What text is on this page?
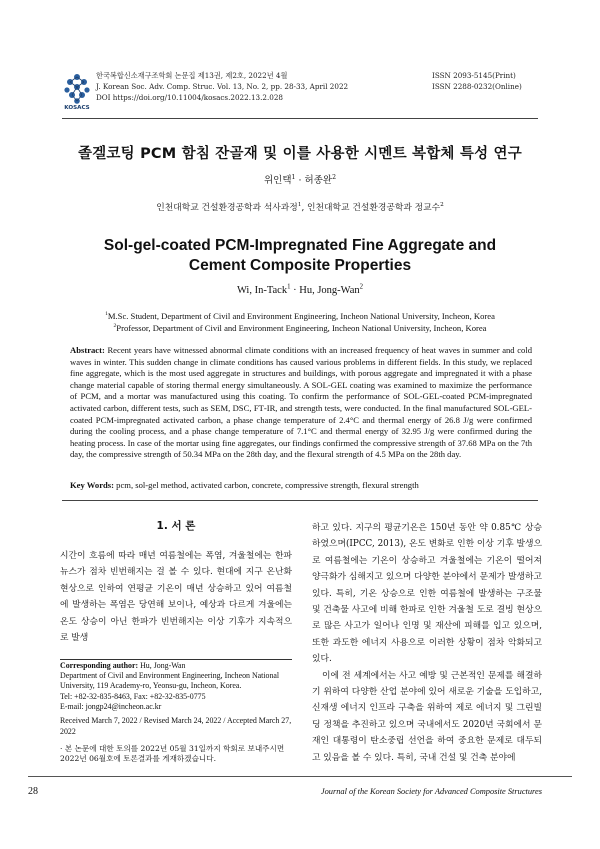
KOSACS
한국복합신소재구조학회 논문집 제13권, 제2호, 2022년 4월
J. Korean Soc. Adv. Comp. Struc. Vol. 13, No. 2, pp. 28-33, April 2022
DOI https://doi.org/10.11004/kosacs.2022.13.2.028
ISSN 2093-5145(Print)
ISSN 2288-0232(Online)
졸겔코팅 PCM 함침 잔골재 및 이를 사용한 시멘트 복합체 특성 연구
위인택$^1$ · 허종완$^2$
인천대학교 건설환경공학과 석사과정$^1$, 인천대학교 건설환경공학과 정교수$^2$
Sol-gel-coated PCM-Impregnated Fine Aggregate and
Cement Composite Properties
Wi, In-Tack$^1$ · Hu, Jong-Wan$^2$
$^1$M.Sc. Student, Department of Civil and Environment Engineering, Incheon National University, Incheon, Korea
$^2$Professor, Department of Civil and Environment Engineering, Incheon National University, Incheon, Korea
Abstract: Recent years have witnessed abnormal climate conditions with an increased frequency of heat waves in summer and cold waves in winter. This sudden change in climate conditions has caused various problems in different fields. In this study, we replaced fine aggregate, which is the most used aggregate in structures and buildings, with porous aggregate and impregnated it with a phase change material capable of storing thermal energy simultaneously. A SOL‐GEL coating was examined to maximize the performance of PCM, and a mortar was manufactured using this coating. To confirm the performance of SOL‐GEL-coated PCM-impregnated activated carbon, different tests, such as SEM, DSC, FT‐IR, and strength tests, were conducted. In the final manufactured SOL‐GEL-coated PCM-impregnated activated carbon, a phase change temperature of 2.4°C and thermal energy of 26.8 J/g were confirmed during the cooling process, and a phase change temperature of 7.1°C and thermal energy of 32.95 J/g were confirmed during the heating process. In case of the mortar using fine aggregates, our findings confirmed the compressive strength of 37.68 MPa on the 7th day, the compressive strength of 50.34 MPa on the 28th day, and the flexural strength of 4.5 MPa on the 28th day.
Key Words: pcm, sol-gel method, activated carbon, concrete, compressive strength, flexural strength
1. 서 론
시간이 흐름에 따라 매년 여름철에는 폭염, 겨울철에는 한파 뉴스가 점차 빈번해지는 걸 볼 수 있다. 현대에 지구 온난화 현상으로 인하여 연평균 기온이 매년 상승하고 있어 여름철에 발생하는 폭염은 당연해 보이나, 예상과 다르게 겨울에는 온도 상승이 아닌 한파가 빈번해지는 이상 기후가 지속적으로 발생
하고 있다. 지구의 평균기온은 150년 동안 약 0.85℃ 상승하였으며(IPCC, 2013), 온도 변화로 인한 이상 기후 발생으로 여름철에는 기온이 상승하고 겨울철에는 기온이 떨어져 양극화가 심해지고 있으며 다양한 분야에서 문제가 발생하고 있다. 특히, 기온 상승으로 인한 여름철에 발생하는 구조물 및 건축물 사고에 비해 한파로 인한 겨울철 도로 결빙 현상으로 많은 사고가 일어나 인명 및 재산에 피해를 입고 있으며, 또한 과도한 에너지 사용으로 이러한 상황이 점차 악화되고 있다.
이에 전 세계에서는 사고 예방 및 근본적인 문제를 해결하기 위하여 다양한 산업 분야에 있어 새로운 기술을 도입하고, 신재생 에너지 인프라 구축을 위하여 제로 에너지 및 그린빌딩 정책을 추진하고 있으며 국내에서도 2020년 국회에서 문재인 대통령이 탄소중립 선언을 하여 중요한 문제로 대두되고 있음을 볼 수 있다. 특히, 국내 건설 및 건축 분야에
Corresponding author: Hu, Jong-Wan
Department of Civil and Environment Engineering, Incheon National University, 119 Academy-ro, Yeonsu-gu, Incheon, Korea.
Tel: +82-32-835-8463, Fax: +82-32-835-0775
E-mail: jongp24@incheon.ac.kr
Received March 7, 2022 / Revised March 24, 2022 / Accepted March 27, 2022
· 본 논문에 대한 토의를 2022년 05월 31일까지 학회로 보내주시면 2022년 06월호에 토론결과를 게재하겠습니다.
28	Journal of the Korean Society for Advanced Composite Structures
